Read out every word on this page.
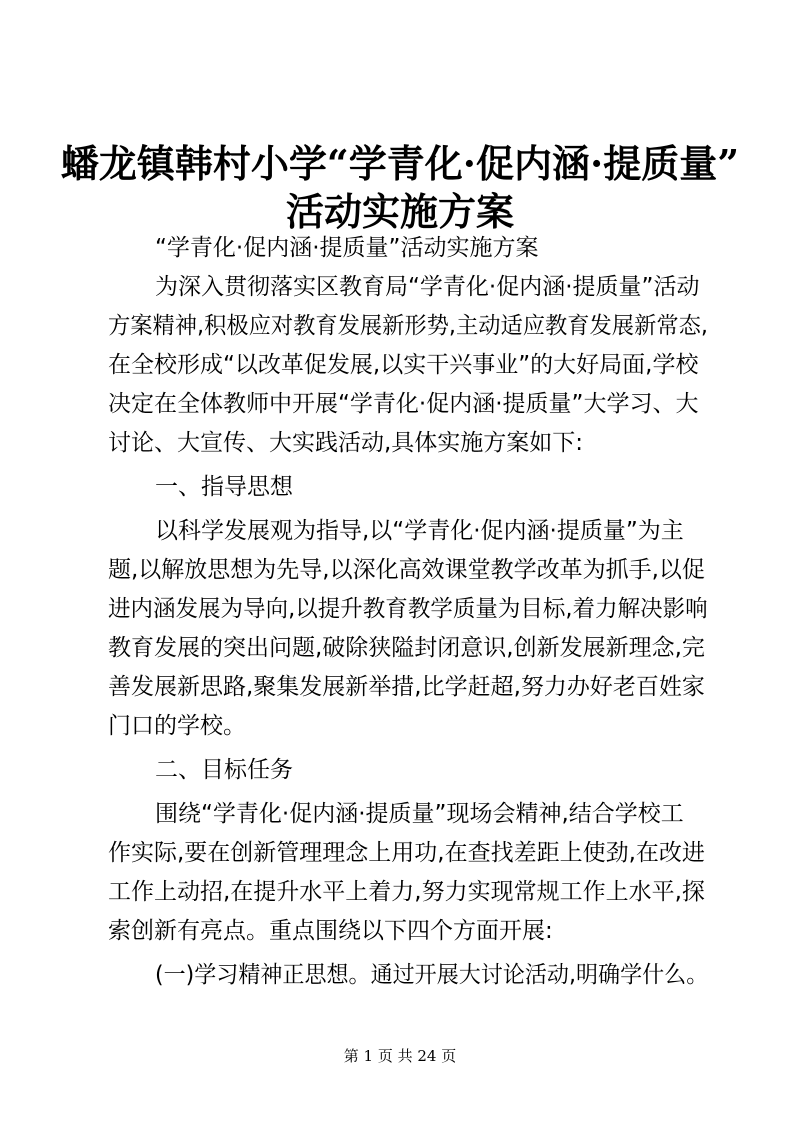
蟠龙镇韩村小学“学青化·促内涵·提质量”
活动实施方案
“学青化·促内涵·提质量”活动实施方案
为深入贯彻落实区教育局“学青化·促内涵·提质量”活动
方案精神,积极应对教育发展新形势,主动适应教育发展新常态,
在全校形成“以改革促发展,以实干兴事业”的大好局面,学校
决定在全体教师中开展“学青化·促内涵·提质量”大学习、大
讨论、大宣传、大实践活动,具体实施方案如下:
一、指导思想
以科学发展观为指导,以“学青化·促内涵·提质量”为主
题,以解放思想为先导,以深化高效课堂教学改革为抓手,以促
进内涵发展为导向,以提升教育教学质量为目标,着力解决影响
教育发展的突出问题,破除狭隘封闭意识,创新发展新理念,完
善发展新思路,聚集发展新举措,比学赶超,努力办好老百姓家
门口的学校。
二、目标任务
围绕“学青化·促内涵·提质量”现场会精神,结合学校工
作实际,要在创新管理理念上用功,在查找差距上使劲,在改进
工作上动招,在提升水平上着力,努力实现常规工作上水平,探
索创新有亮点。重点围绕以下四个方面开展:
(一)学习精神正思想。通过开展大讨论活动,明确学什么。
第 1 页 共 24 页
